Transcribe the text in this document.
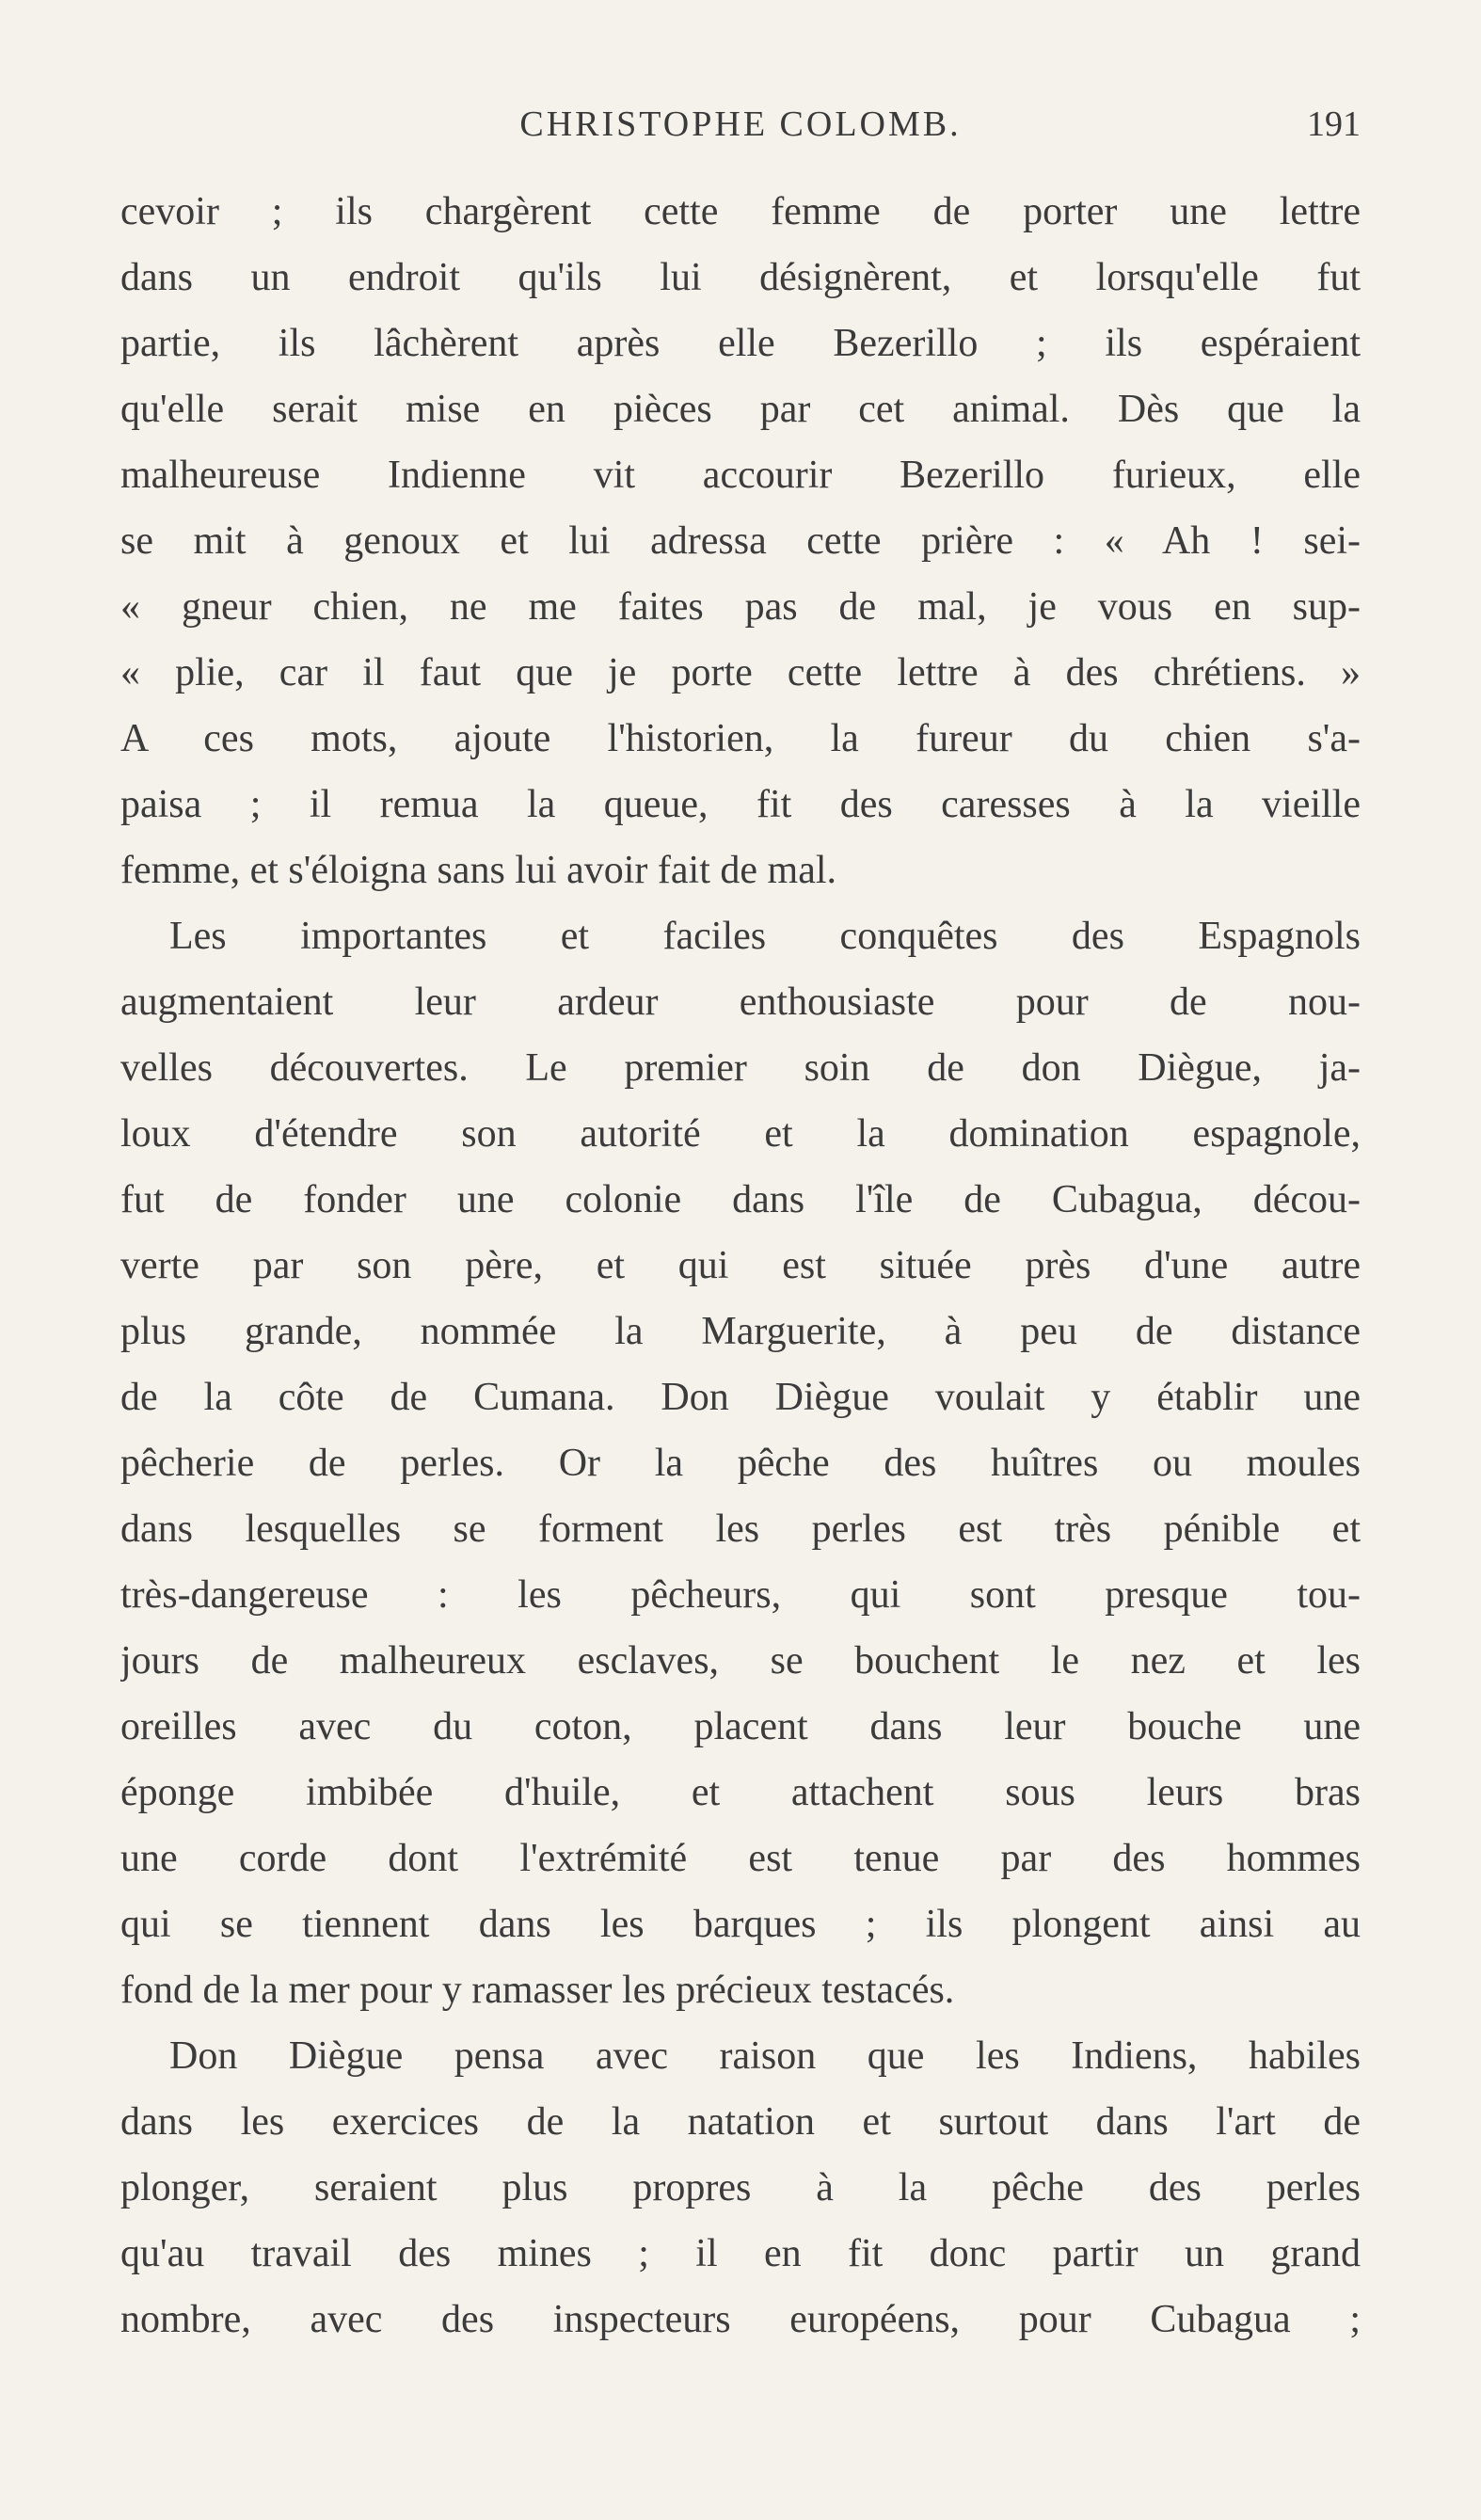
CHRISTOPHE COLOMB.	191
cevoir ; ils chargèrent cette femme de porter une lettre
dans un endroit qu'ils lui désignèrent, et lorsqu'elle fut
partie, ils lâchèrent après elle Bezerillo ; ils espéraient
qu'elle serait mise en pièces par cet animal. Dès que la
malheureuse Indienne vit accourir Bezerillo furieux, elle
se mit à genoux et lui adressa cette prière : « Ah ! sei-
« gneur chien, ne me faites pas de mal, je vous en sup-
« plie, car il faut que je porte cette lettre à des chrétiens. »
A ces mots, ajoute l'historien, la fureur du chien s'a-
paisa ; il remua la queue, fit des caresses à la vieille
femme, et s'éloigna sans lui avoir fait de mal.
Les importantes et faciles conquêtes des Espagnols
augmentaient leur ardeur enthousiaste pour de nou-
velles découvertes. Le premier soin de don Diègue, ja-
loux d'étendre son autorité et la domination espagnole,
fut de fonder une colonie dans l'île de Cubagua, décou-
verte par son père, et qui est située près d'une autre
plus grande, nommée la Marguerite, à peu de distance
de la côte de Cumana. Don Diègue voulait y établir une
pêcherie de perles. Or la pêche des huîtres ou moules
dans lesquelles se forment les perles est très pénible et
très-dangereuse : les pêcheurs, qui sont presque tou-
jours de malheureux esclaves, se bouchent le nez et les
oreilles avec du coton, placent dans leur bouche une
éponge imbibée d'huile, et attachent sous leurs bras
une corde dont l'extrémité est tenue par des hommes
qui se tiennent dans les barques ; ils plongent ainsi au
fond de la mer pour y ramasser les précieux testacés.
Don Diègue pensa avec raison que les Indiens, habiles
dans les exercices de la natation et surtout dans l'art de
plonger, seraient plus propres à la pêche des perles
qu'au travail des mines ; il en fit donc partir un grand
nombre, avec des inspecteurs européens, pour Cubagua ;
